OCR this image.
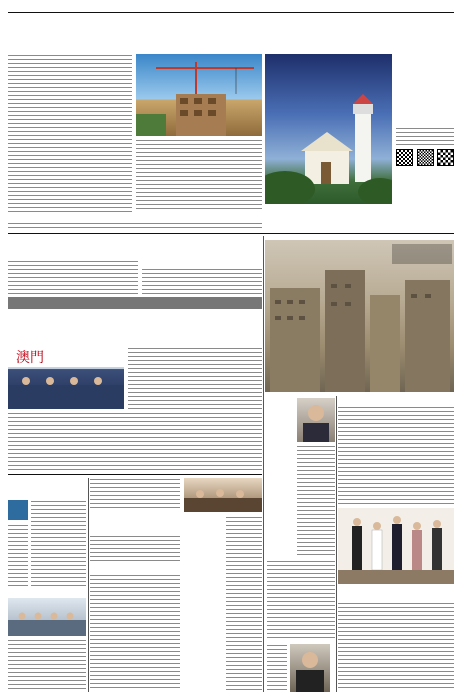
澳門
